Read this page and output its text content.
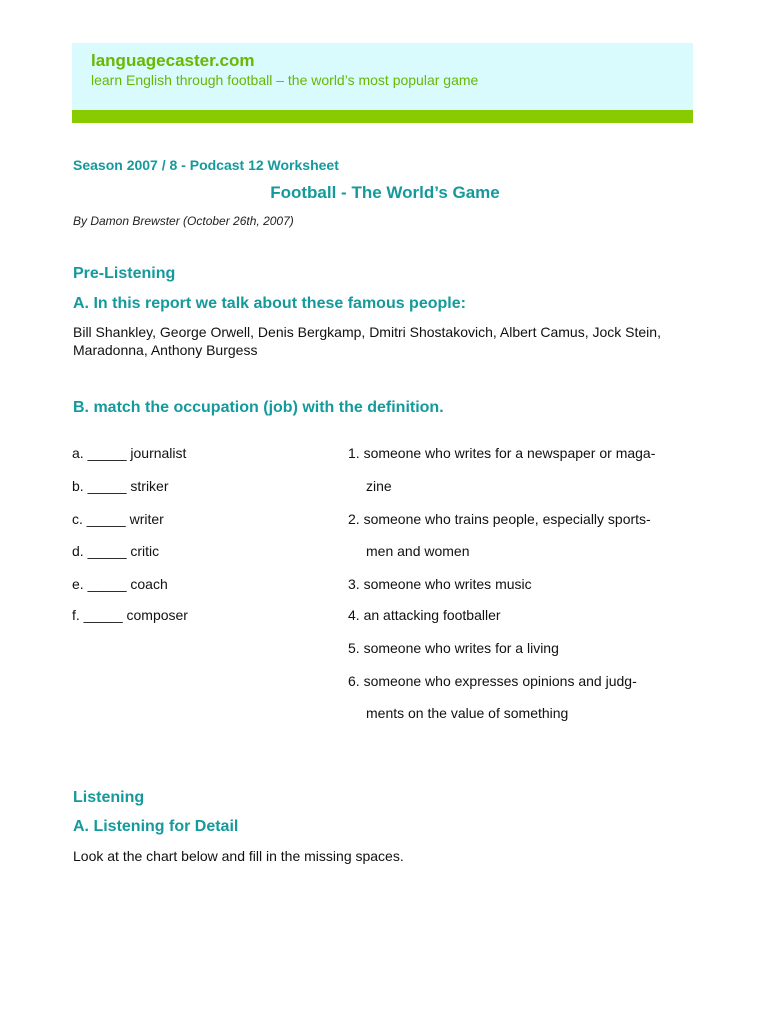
languagecaster.com
learn English through football – the world’s most popular game
Season 2007 / 8 - Podcast 12 Worksheet
Football - The World’s Game
By Damon Brewster (October 26th, 2007)
Pre-Listening
A. In this report we talk about these famous people:
Bill Shankley, George Orwell, Denis Bergkamp, Dmitri Shostakovich, Albert Camus, Jock Stein, Maradonna, Anthony Burgess
B. match the occupation (job) with the definition.
a. _____ journalist
b. _____ striker
c. _____ writer
d. _____ critic
e. _____ coach
f. _____ composer
1. someone who writes for a newspaper or maga-
zine
2. someone who trains people, especially sports-
men and women
3. someone who writes music
4. an attacking footballer
5. someone who writes for a living
6. someone who expresses opinions and judg-
ments on the value of something
Listening
A. Listening for Detail
Look at the chart below and fill in the missing spaces.
